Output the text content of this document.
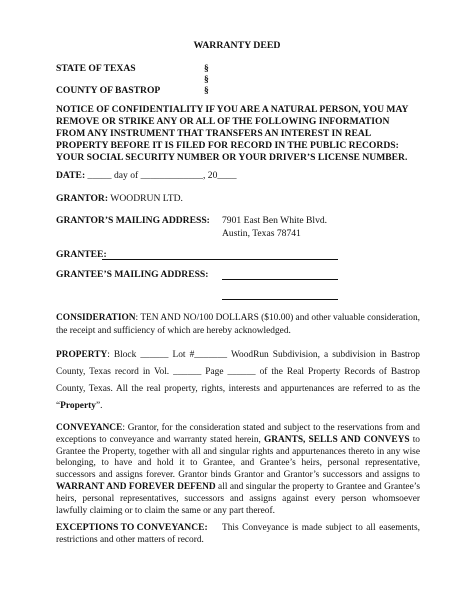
WARRANTY DEED
STATE OF TEXAS	§
§
COUNTY OF BASTROP	§
NOTICE OF CONFIDENTIALITY IF YOU ARE A NATURAL PERSON, YOU MAY REMOVE OR STRIKE ANY OR ALL OF THE FOLLOWING INFORMATION FROM ANY INSTRUMENT THAT TRANSFERS AN INTEREST IN REAL PROPERTY BEFORE IT IS FILED FOR RECORD IN THE PUBLIC RECORDS: YOUR SOCIAL SECURITY NUMBER OR YOUR DRIVER’S LICENSE NUMBER.
DATE: _____ day of _____________, 20____
GRANTOR: WOODRUN LTD.
GRANTOR’S MAILING ADDRESS: 7901 East Ben White Blvd.
Austin, Texas 78741
GRANTEE:
GRANTEE’S MAILING ADDRESS:
CONSIDERATION: TEN AND NO/100 DOLLARS ($10.00) and other valuable consideration, the receipt and sufficiency of which are hereby acknowledged.
PROPERTY: Block ______ Lot #_______ WoodRun Subdivision, a subdivision in Bastrop County, Texas record in Vol. ______ Page ______ of the Real Property Records of Bastrop County, Texas. All the real property, rights, interests and appurtenances are referred to as the “Property”.
CONVEYANCE: Grantor, for the consideration stated and subject to the reservations from and exceptions to conveyance and warranty stated herein, GRANTS, SELLS AND CONVEYS to Grantee the Property, together with all and singular rights and appurtenances thereto in any wise belonging, to have and hold it to Grantee, and Grantee’s heirs, personal representative, successors and assigns forever. Grantor binds Grantor and Grantor’s successors and assigns to WARRANT AND FOREVER DEFEND all and singular the property to Grantee and Grantee’s heirs, personal representatives, successors and assigns against every person whomsoever lawfully claiming or to claim the same or any part thereof.
EXCEPTIONS TO CONVEYANCE:	This Conveyance is made subject to all easements, restrictions and other matters of record.
